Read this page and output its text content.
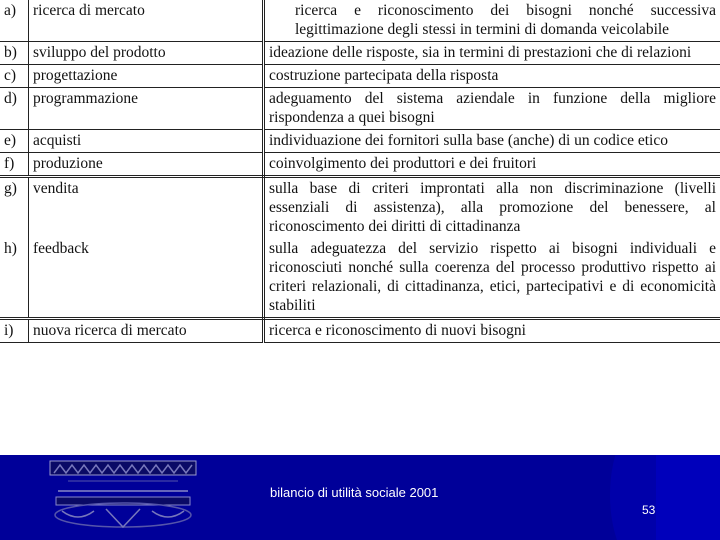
a)	ricerca di mercato	ricerca e riconoscimento dei bisogni nonché successiva legittimazione degli stessi in termini di domanda veicolabile
b)	sviluppo del prodotto	ideazione delle risposte, sia in termini di prestazioni che di relazioni
c)	progettazione	costruzione partecipata della risposta
d)	programmazione	adeguamento del sistema aziendale in funzione della migliore rispondenza a quei bisogni
e)	acquisti	individuazione dei fornitori sulla base (anche) di un codice etico
f)	produzione	coinvolgimento dei produttori e dei fruitori
g)	vendita	sulla base di criteri improntati alla non discriminazione (livelli essenziali di assistenza), alla promozione del benessere, al riconoscimento dei diritti di cittadinanza
h)	feedback	sulla adeguatezza del servizio rispetto ai bisogni individuali e riconosciuti nonché sulla coerenza del processo produttivo rispetto ai criteri relazionali, di cittadinanza, etici, partecipativi e di economicità stabiliti
i)	nuova ricerca di mercato	ricerca e riconoscimento di nuovi bisogni
bilancio di utilità sociale 2001
53
